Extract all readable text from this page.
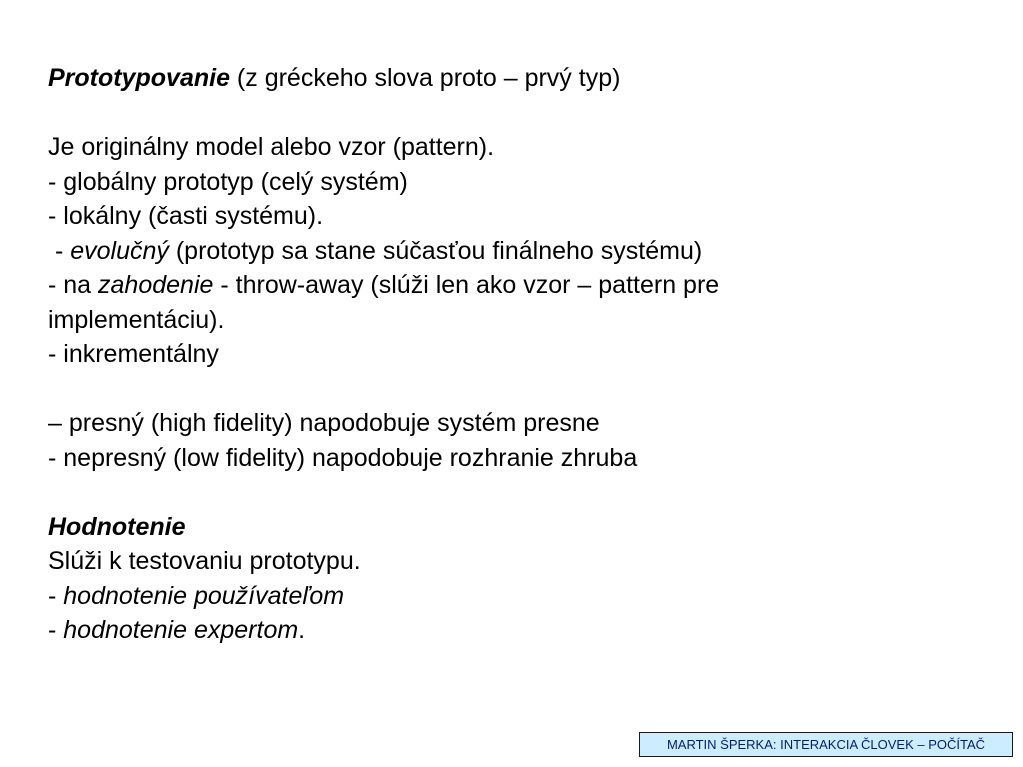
Prototypovanie (z gréckeho slova proto – prvý typ)
Je originálny model alebo vzor (pattern).
- globálny prototyp (celý systém)
- lokálny (časti systému).
- evolučný (prototyp sa stane súčasťou finálneho systému)
- na zahodenie - throw-away (slúži len ako vzor – pattern pre
implementáciu).
- inkrementálny
– presný (high fidelity) napodobuje systém presne
- nepresný (low fidelity) napodobuje rozhranie zhruba
Hodnotenie
Slúži k testovaniu prototypu.
- hodnotenie používateľom
- hodnotenie expertom.
MARTIN ŠPERKA: INTERAKCIA ČLOVEK – POČÍTAČ
